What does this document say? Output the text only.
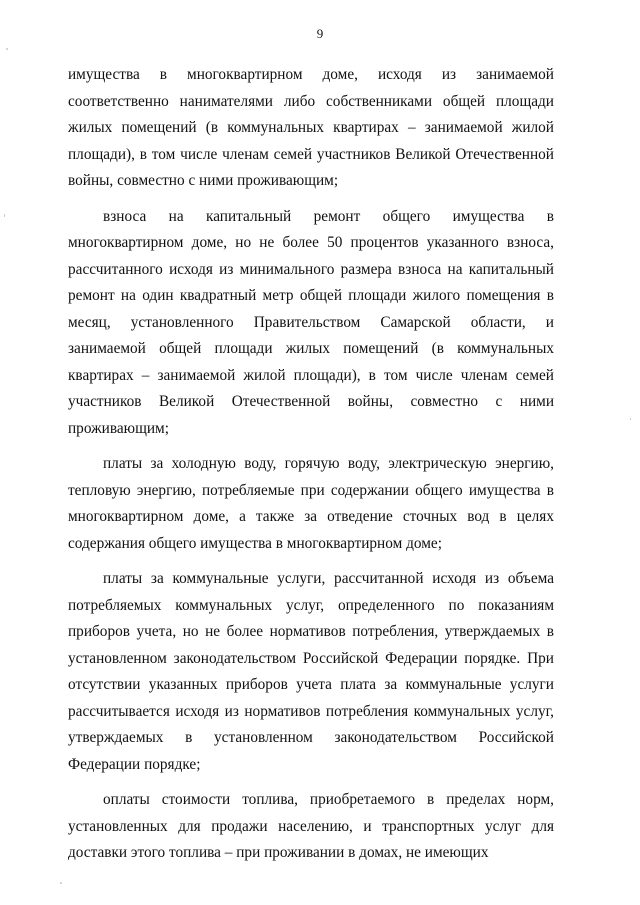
9

имущества в многоквартирном доме, исходя из занимаемой соответственно нанимателями либо собственниками общей площади жилых помещений (в коммунальных квартирах – занимаемой жилой площади), в том числе членам семей участников Великой Отечественной войны, совместно с ними проживающим;

взноса на капитальный ремонт общего имущества в многоквартирном доме, но не более 50 процентов указанного взноса, рассчитанного исходя из минимального размера взноса на капитальный ремонт на один квадратный метр общей площади жилого помещения в месяц, установленного Правительством Самарской области, и занимаемой общей площади жилых помещений (в коммунальных квартирах – занимаемой жилой площади), в том числе членам семей участников Великой Отечественной войны, совместно с ними проживающим;

платы за холодную воду, горячую воду, электрическую энергию, тепловую энергию, потребляемые при содержании общего имущества в многоквартирном доме, а также за отведение сточных вод в целях содержания общего имущества в многоквартирном доме;

платы за коммунальные услуги, рассчитанной исходя из объема потребляемых коммунальных услуг, определенного по показаниям приборов учета, но не более нормативов потребления, утверждаемых в установленном законодательством Российской Федерации порядке. При отсутствии указанных приборов учета плата за коммунальные услуги рассчитывается исходя из нормативов потребления коммунальных услуг, утверждаемых в установленном законодательством Российской Федерации порядке;

оплаты стоимости топлива, приобретаемого в пределах норм, установленных для продажи населению, и транспортных услуг для доставки этого топлива – при проживании в домах, не имеющих
